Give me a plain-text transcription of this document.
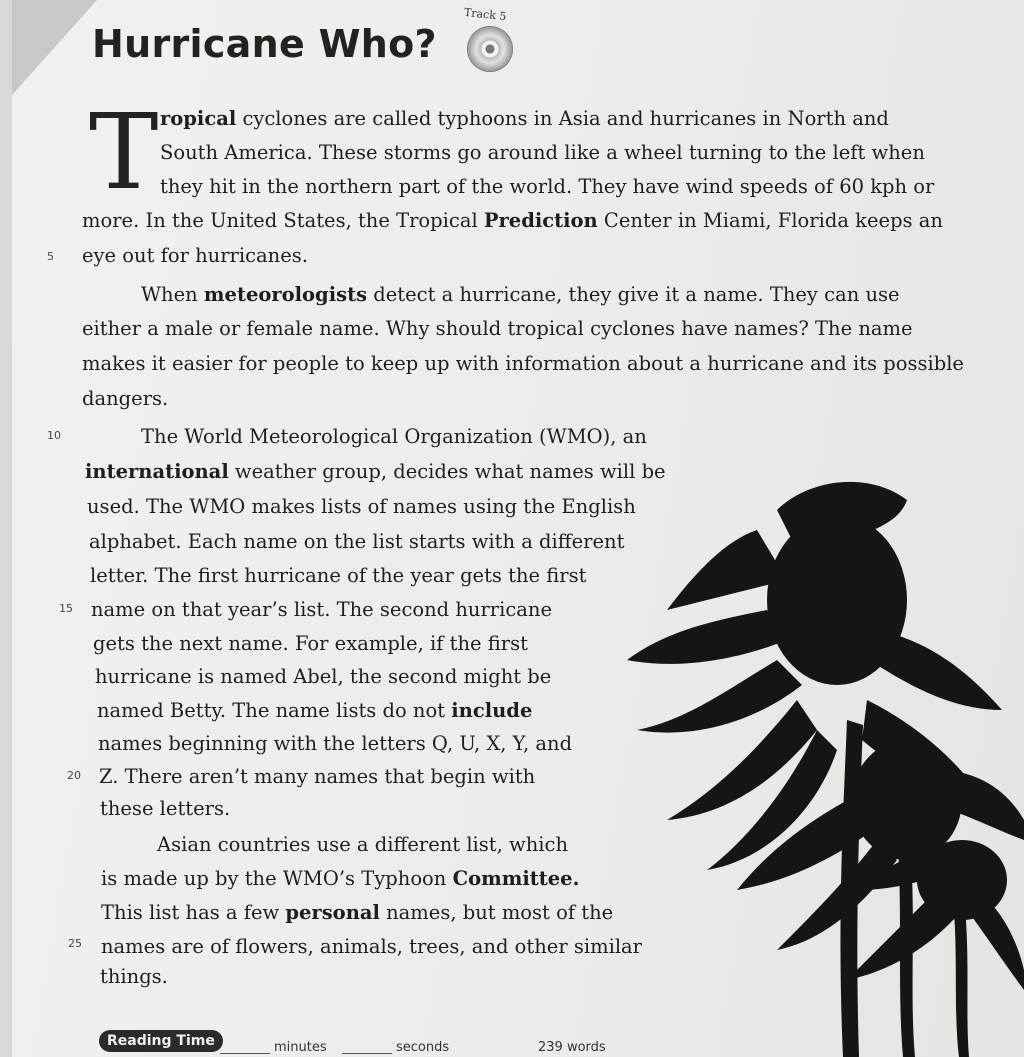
Hurricane Who?
Track 5
T ropical cyclones are called typhoons in Asia and hurricanes in North and
South America. These storms go around like a wheel turning to the left when
they hit in the northern part of the world. They have wind speeds of 60 kph or
more. In the United States, the Tropical Prediction Center in Miami, Florida keeps an
eye out for hurricanes.
When meteorologists detect a hurricane, they give it a name. They can use
either a male or female name. Why should tropical cyclones have names? The name
makes it easier for people to keep up with information about a hurricane and its possible
dangers.
The World Meteorological Organization (WMO), an
international weather group, decides what names will be
used. The WMO makes lists of names using the English
alphabet. Each name on the list starts with a different
letter. The first hurricane of the year gets the first
name on that year’s list. The second hurricane
gets the next name. For example, if the first
hurricane is named Abel, the second might be
named Betty. The name lists do not include
names beginning with the letters Q, U, X, Y, and
Z. There aren’t many names that begin with
these letters.
Asian countries use a different list, which
is made up by the WMO’s Typhoon Committee.
This list has a few personal names, but most of the
names are of flowers, animals, trees, and other similar
things.
5
10
15
20
25
Reading Time	minutes	seconds	239 words
